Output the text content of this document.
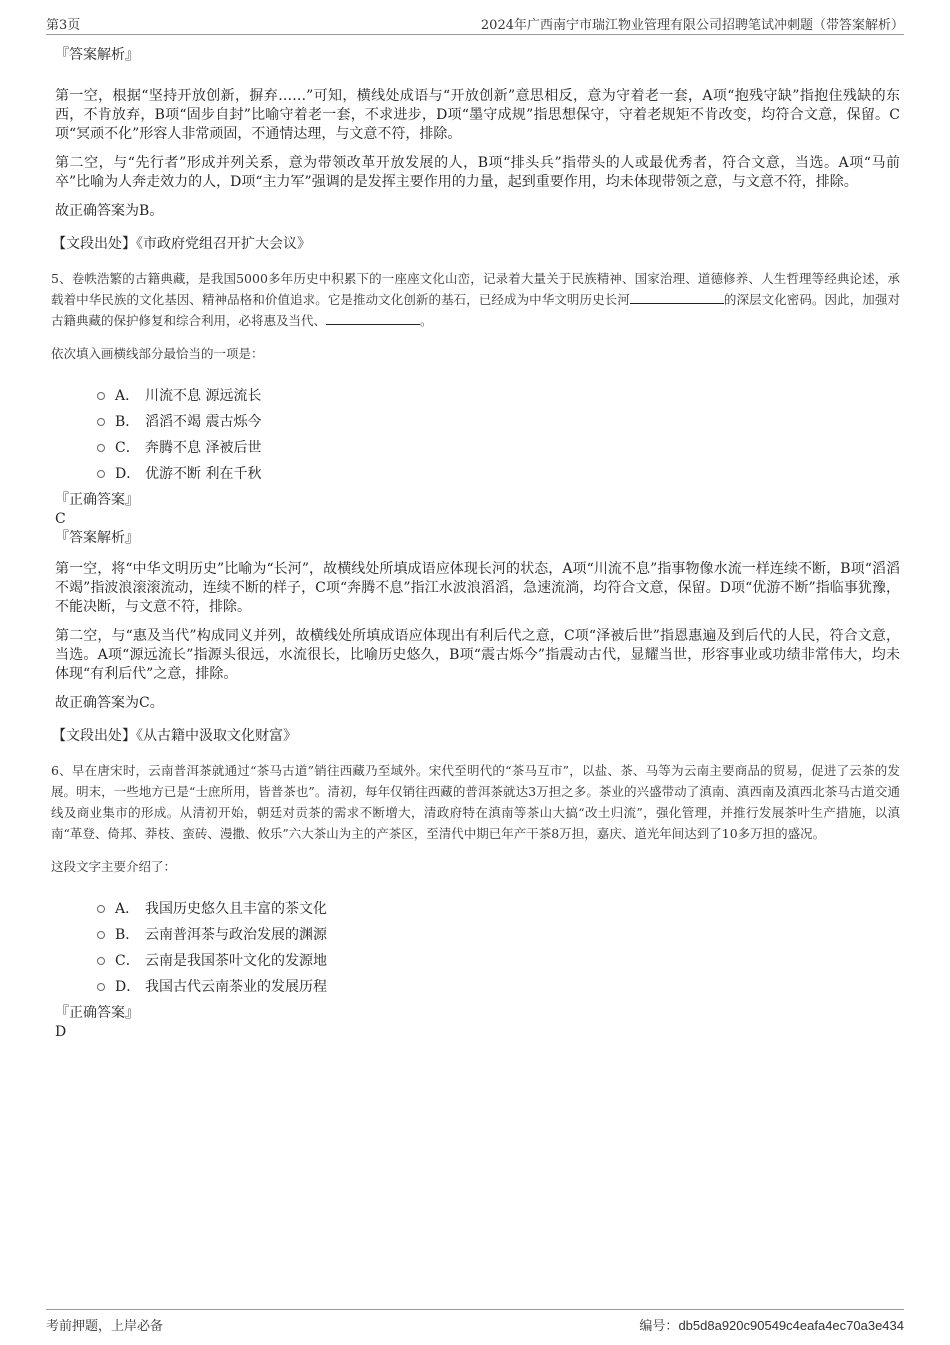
第3页	2024年广西南宁市瑞江物业管理有限公司招聘笔试冲刺题（带答案解析）
『答案解析』

第一空，根据“坚持开放创新，摒弃……”可知，横线处成语与“开放创新”意思相反，意为守着老一套，A项“抱残守缺”指抱住残缺的东西，不肯放弃，B项“固步自封”比喻守着老一套，不求进步，D项“墨守成规”指思想保守，守着老规矩不肯改变，均符合文意，保留。C项“冥顽不化”形容人非常顽固，不通情达理，与文意不符，排除。

第二空，与“先行者”形成并列关系，意为带领改革开放发展的人，B项“排头兵”指带头的人或最优秀者，符合文意，当选。A项“马前卒”比喻为人奔走效力的人，D项“主力军”强调的是发挥主要作用的力量，起到重要作用，均未体现带领之意，与文意不符，排除。

故正确答案为B。

【文段出处】《市政府党组召开扩大会议》

5、卷帙浩繁的古籍典藏，是我国5000多年历史中积累下的一座座文化山峦，记录着大量关于民族精神、国家治理、道德修养、人生哲理等经典论述，承载着中华民族的文化基因、精神品格和价值追求。它是推动文化创新的基石，已经成为中华文明历史长河	的深层文化密码。因此，加强对古籍典藏的保护修复和综合利用，必将惠及当代、	。

依次填入画横线部分最恰当的一项是：
A． 川流不息 源远流长
B． 滔滔不竭 震古烁今
C． 奔腾不息 泽被后世
D． 优游不断 利在千秋
『正确答案』
C
『答案解析』

第一空，将“中华文明历史”比喻为“长河”，故横线处所填成语应体现长河的状态，A项“川流不息”指事物像水流一样连续不断，B项“滔滔不竭”指波浪滚滚流动，连续不断的样子，C项“奔腾不息”指江水波浪滔滔，急速流淌，均符合文意，保留。D项“优游不断”指临事犹豫，不能决断，与文意不符，排除。

第二空，与“惠及当代”构成同义并列，故横线处所填成语应体现出有利后代之意，C项“泽被后世”指恩惠遍及到后代的人民，符合文意，当选。A项“源远流长”指源头很远，水流很长，比喻历史悠久，B项“震古烁今”指震动古代，显耀当世，形容事业或功绩非常伟大，均未体现“有利后代”之意，排除。

故正确答案为C。

【文段出处】《从古籍中汲取文化财富》

6、早在唐宋时，云南普洱茶就通过“茶马古道”销往西藏乃至域外。宋代至明代的“茶马互市”，以盐、茶、马等为云南主要商品的贸易，促进了云茶的发展。明末，一些地方已是“士庶所用，皆普茶也”。清初，每年仅销往西藏的普洱茶就达3万担之多。茶业的兴盛带动了滇南、滇西南及滇西北茶马古道交通线及商业集市的形成。从清初开始，朝廷对贡茶的需求不断增大，清政府特在滇南等茶山大搞“改土归流”，强化管理，并推行发展茶叶生产措施，以滇南“革登、倚邦、莽枝、蛮砖、漫撒、攸乐”六大茶山为主的产茶区，至清代中期已年产干茶8万担，嘉庆、道光年间达到了10多万担的盛况。

这段文字主要介绍了：
A． 我国历史悠久且丰富的茶文化
B． 云南普洱茶与政治发展的渊源
C． 云南是我国茶叶文化的发源地
D． 我国古代云南茶业的发展历程
『正确答案』
D
考前押题，上岸必备	编号：db5d8a920c90549c4eafa4ec70a3e434
